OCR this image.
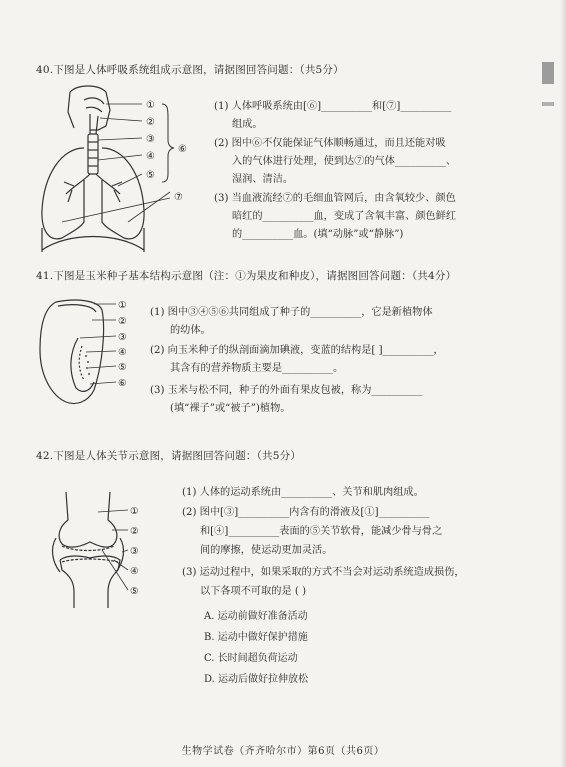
40.下图是人体呼吸系统组成示意图，请据图回答问题：（共5分）
①
②
③
④
⑤
⑥
⑦
(1) 人体呼吸系统由[⑥]__________和[⑦]__________
组成。
(2) 图中⑥不仅能保证气体顺畅通过，而且还能对吸
入的气体进行处理，使到达⑦的气体__________、
湿润、清洁。
(3) 当血液流经⑦的毛细血管网后，由含氧较少、颜色
暗红的__________血，变成了含氧丰富、颜色鲜红
的__________血。(填“动脉”或“静脉”)
41.下图是玉米种子基本结构示意图（注：①为果皮和种皮），请据图回答问题：（共4分）
①
②
③
④
⑤
⑥
(1) 图中③④⑤⑥共同组成了种子的__________，它是新植物体
的幼体。
(2) 向玉米种子的纵剖面滴加碘液，变蓝的结构是[ ]__________，
其含有的营养物质主要是__________。
(3) 玉米与松不同，种子的外面有果皮包被，称为__________
(填“裸子”或“被子”)植物。
42.下图是人体关节示意图，请据图回答问题：（共5分）
①
②
③
④
⑤
(1) 人体的运动系统由__________、关节和肌肉组成。
(2) 图中[③]__________内含有的滑液及[①]__________
和[④]__________表面的⑤关节软骨，能减少骨与骨之
间的摩擦，使运动更加灵活。
(3) 运动过程中，如果采取的方式不当会对运动系统造成损伤，
以下各项不可取的是 ( )
A. 运动前做好准备活动
B. 运动中做好保护措施
C. 长时间超负荷运动
D. 运动后做好拉伸放松
生物学试卷（齐齐哈尔市）第6页（共6页）
